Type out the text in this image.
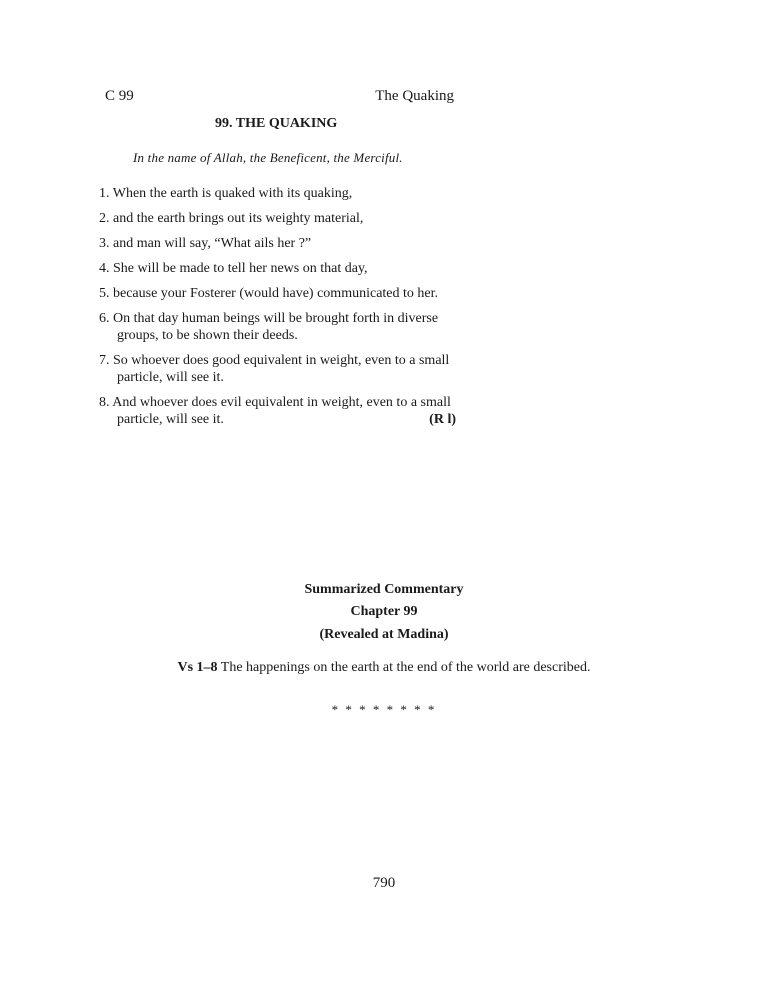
C 99	The Quaking
99. THE QUAKING
In the name of Allah, the Beneficent, the Merciful.
1. When the earth is quaked with its quaking,
2. and the earth brings out its weighty material,
3. and man will say, “What ails her ?”
4. She will be made to tell her news on that day,
5. because your Fosterer (would have) communicated to her.
6. On that day human beings will be brought forth in diverse
groups, to be shown their deeds.
7. So whoever does good equivalent in weight, even to a small
particle, will see it.
8. And whoever does evil equivalent in weight, even to a small
particle, will see it.	(R l)
Summarized Commentary
Chapter 99
(Revealed at Madina)
Vs 1–8 The happenings on the earth at the end of the world are described.
* * * * * * * *
790
